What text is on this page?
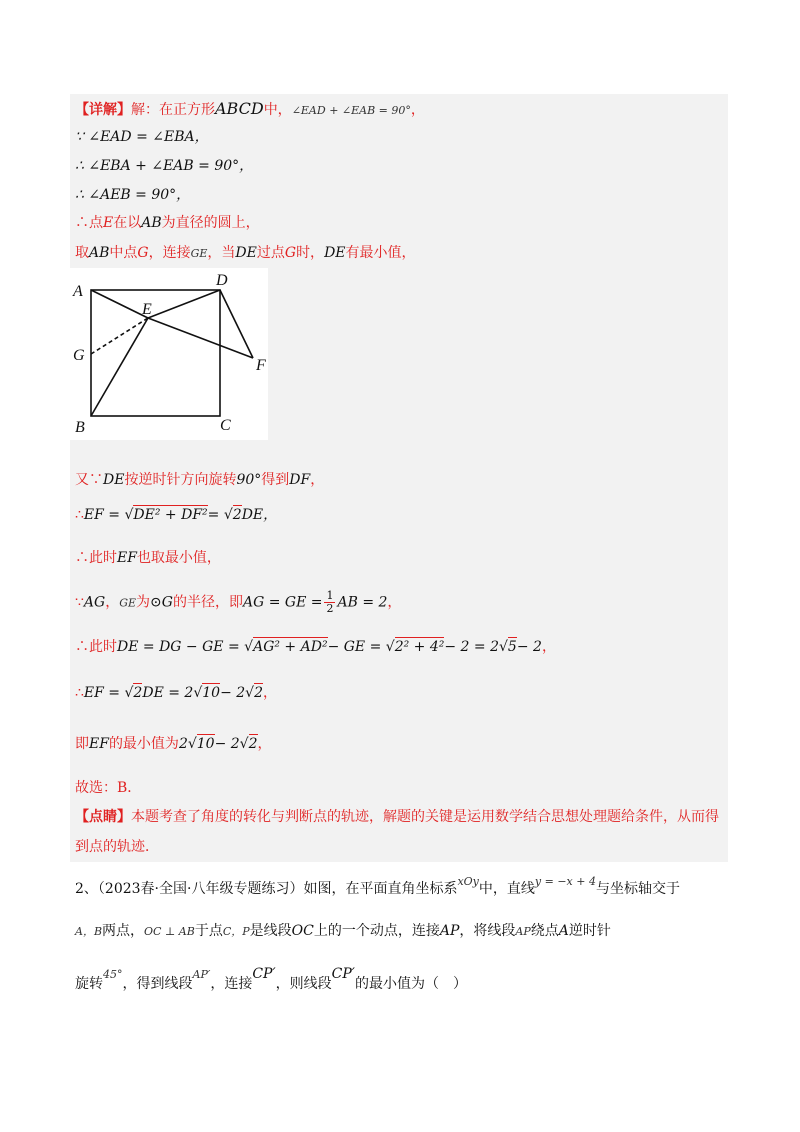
【详解】解：在正方形ABCD中，∠EAD + ∠EAB = 90°，
∵ ∠EAD = ∠EBA，
∴ ∠EBA + ∠EAB = 90°，
∴ ∠AEB = 90°，
∴点E在以AB为直径的圆上，
取AB中点G，连接GE，当DE过点G时，DE有最小值，
A
D
E
G
F
B	C
又∵DE按逆时针方向旋转90°得到DF，
∴EF = √DE² + DF²= √2DE，
∴此时EF也取最小值，
∵AG，GE为⊙G的半径，即AG = GE = $\frac{1}{2}$ AB = 2，
∴此时DE = DG − GE = √AG² + AD²− GE = √2² + 4²− 2 = 2√5− 2，
∴EF = √2DE = 2√10− 2√2，
即EF的最小值为2√10− 2√2，
故选：B．
【点睛】本题考查了角度的转化与判断点的轨迹，解题的关键是运用数学结合思想处理题给条件，从而得
到点的轨迹．
2、（2023春·全国·八年级专题练习）如图，在平面直角坐标系$^{xOy}$中，直线$^{y = -x + 4}$与坐标轴交于
A，B两点，OC ⊥ AB于点C，P是线段OC上的一个动点，连接AP，将线段AP绕点A逆时针
旋转$^{45^\circ}$，得到线段$^{AP'}$，连接CP′，则线段CP′的最小值为（　）
